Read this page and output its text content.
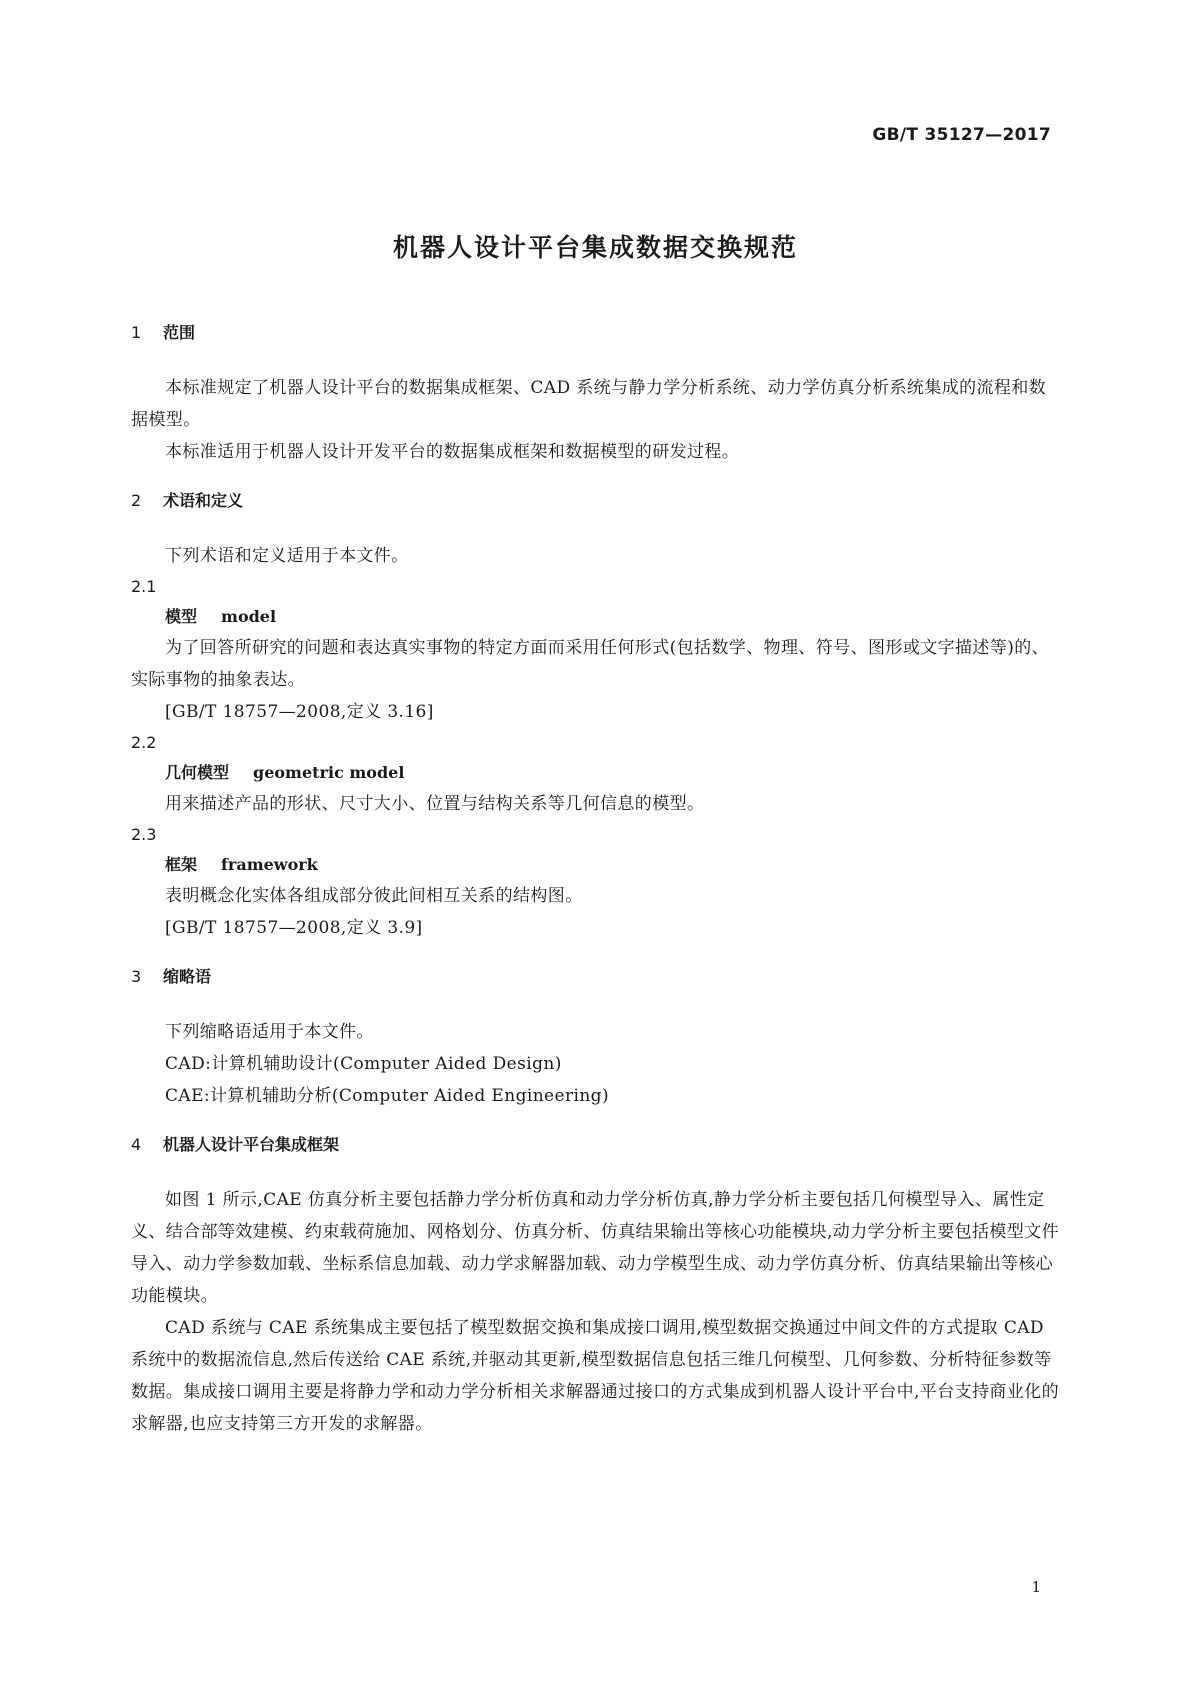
GB/T 35127—2017
机器人设计平台集成数据交换规范

1 范围

本标准规定了机器人设计平台的数据集成框架、CAD 系统与静力学分析系统、动力学仿真分析系统集成的流程和数据模型。

本标准适用于机器人设计开发平台的数据集成框架和数据模型的研发过程。

2 术语和定义

下列术语和定义适用于本文件。

2.1

模型 model

为了回答所研究的问题和表达真实事物的特定方面而采用任何形式(包括数学、物理、符号、图形或文字描述等)的、实际事物的抽象表达。

[GB/T 18757—2008,定义 3.16]

2.2

几何模型 geometric model

用来描述产品的形状、尺寸大小、位置与结构关系等几何信息的模型。

2.3

框架 framework

表明概念化实体各组成部分彼此间相互关系的结构图。

[GB/T 18757—2008,定义 3.9]

3 缩略语

下列缩略语适用于本文件。

CAD:计算机辅助设计(Computer Aided Design)

CAE:计算机辅助分析(Computer Aided Engineering)

4 机器人设计平台集成框架

如图 1 所示,CAE 仿真分析主要包括静力学分析仿真和动力学分析仿真,静力学分析主要包括几何模型导入、属性定义、结合部等效建模、约束载荷施加、网格划分、仿真分析、仿真结果输出等核心功能模块,动力学分析主要包括模型文件导入、动力学参数加载、坐标系信息加载、动力学求解器加载、动力学模型生成、动力学仿真分析、仿真结果输出等核心功能模块。

CAD 系统与 CAE 系统集成主要包括了模型数据交换和集成接口调用,模型数据交换通过中间文件的方式提取 CAD 系统中的数据流信息,然后传送给 CAE 系统,并驱动其更新,模型数据信息包括三维几何模型、几何参数、分析特征参数等数据。集成接口调用主要是将静力学和动力学分析相关求解器通过接口的方式集成到机器人设计平台中,平台支持商业化的求解器,也应支持第三方开发的求解器。

1
